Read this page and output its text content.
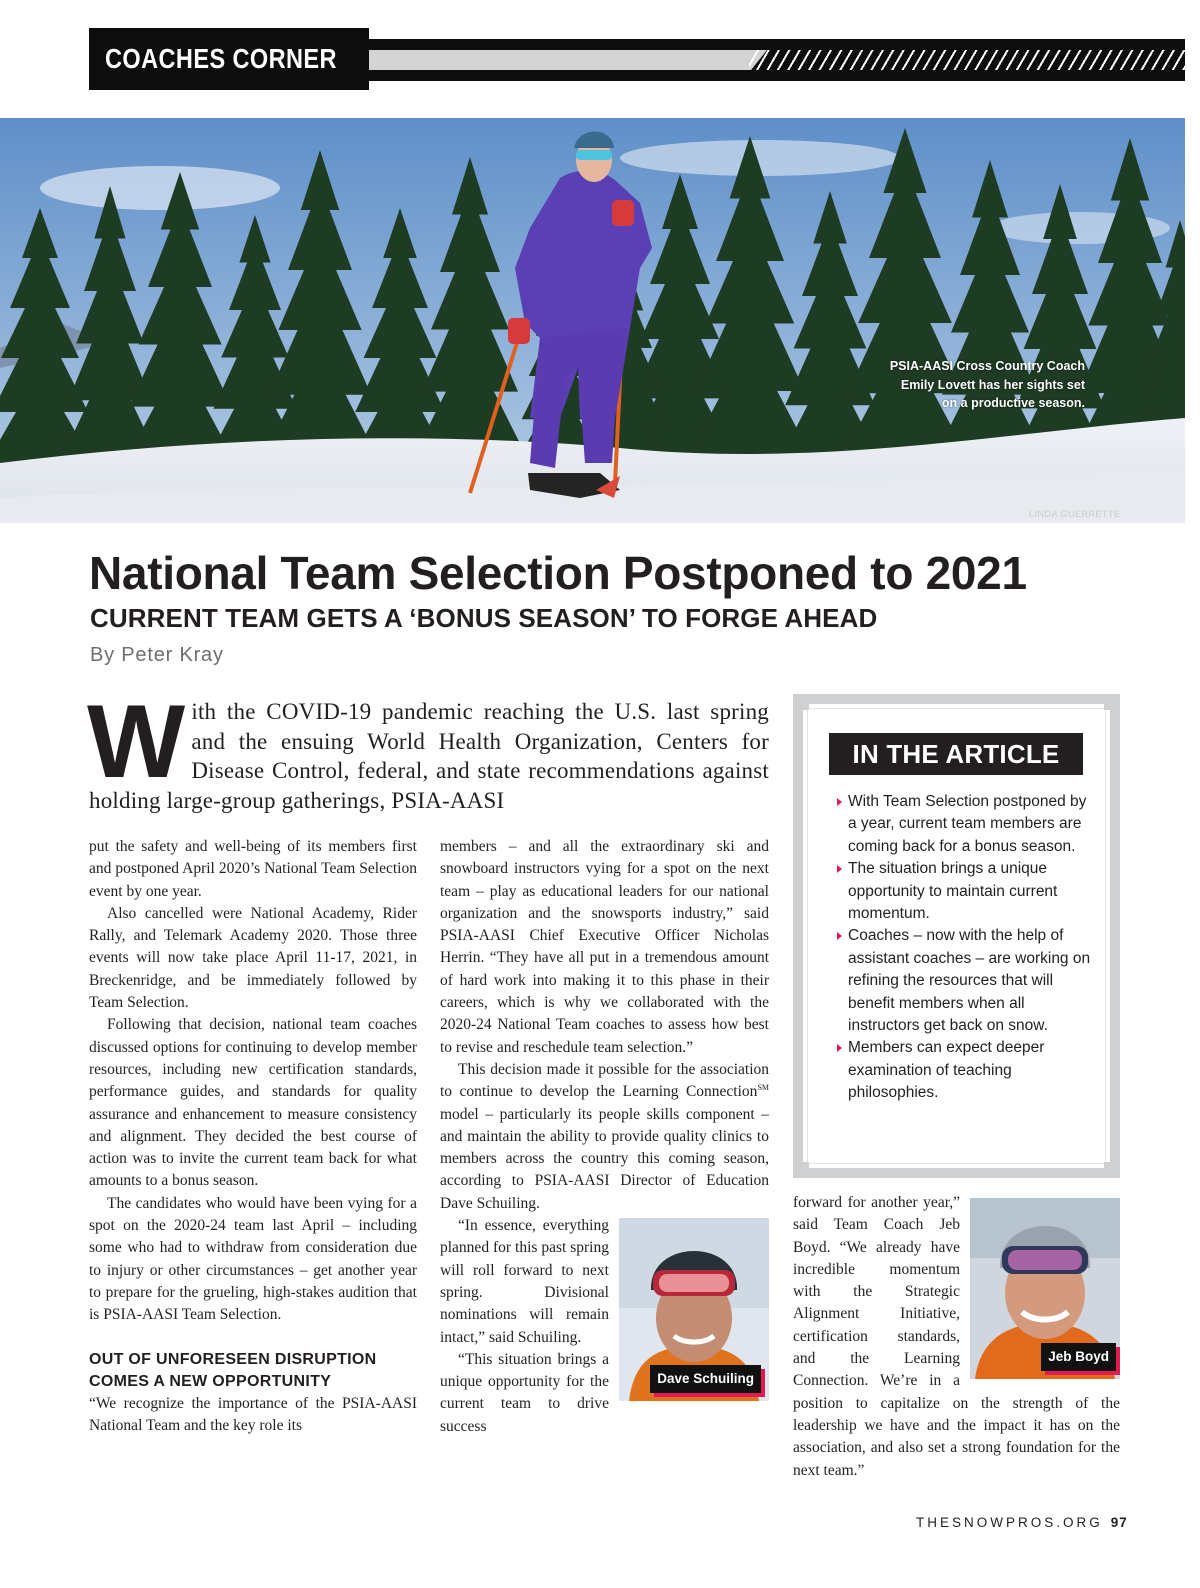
COACHES CORNER
PSIA-AASI Cross Country Coach Emily Lovett has her sights set on a productive season.
LINDA GUERRETTE
National Team Selection Postponed to 2021
CURRENT TEAM GETS A ‘BONUS SEASON’ TO FORGE AHEAD
By Peter Kray
With the COVID-19 pandemic reaching the U.S. last spring and the ensuing World Health Organization, Centers for Disease Control, federal, and state recommendations against holding large-group gatherings, PSIA-AASI

put the safety and well-being of its members first and postponed April 2020’s National Team Selection event by one year.

Also cancelled were National Academy, Rider Rally, and Telemark Academy 2020. Those three events will now take place April 11-17, 2021, in Breckenridge, and be immediately followed by Team Selection.

Following that decision, national team coaches discussed options for continuing to develop member resources, including new certification standards, performance guides, and standards for quality assurance and enhancement to measure consistency and alignment. They decided the best course of action was to invite the current team back for what amounts to a bonus season.

The candidates who would have been vying for a spot on the 2020-24 team last April – including some who had to withdraw from consideration due to injury or other circumstances – get another year to prepare for the grueling, high-stakes audition that is PSIA-AASI Team Selection.

OUT OF UNFORESEEN DISRUPTION COMES A NEW OPPORTUNITY

“We recognize the importance of the PSIA-AASI National Team and the key role its

members – and all the extraordinary ski and snowboard instructors vying for a spot on the next team – play as educational leaders for our national organization and the snowsports industry,” said PSIA-AASI Chief Executive Officer Nicholas Herrin. “They have all put in a tremendous amount of hard work into making it to this phase in their careers, which is why we collaborated with the 2020-24 National Team coaches to assess how best to revise and reschedule team selection.”

This decision made it possible for the association to continue to develop the Learning Connection℠ model – particularly its people skills component – and maintain the ability to provide quality clinics to members across the country this coming season, according to PSIA-AASI Director of Education Dave Schuiling.

Dave Schuiling

“In essence, everything planned for this past spring will roll forward to next spring. Divisional nominations will remain intact,” said Schuiling.

“This situation brings a unique opportunity for the current team to drive success

IN THE ARTICLE
With Team Selection postponed by a year, current team members are coming back for a bonus season.
The situation brings a unique opportunity to maintain current momentum.
Coaches – now with the help of assistant coaches – are working on refining the resources that will benefit members when all instructors get back on snow.
Members can expect deeper examination of teaching philosophies.
Jeb Boyd

forward for another year,” said Team Coach Jeb Boyd. “We already have incredible momentum with the Strategic Alignment Initiative, certification standards, and the Learning Connection. We’re in a position to capitalize on the strength of the leadership we have and the impact it has on the association, and also set a strong foundation for the next team.”

THESNOWPROS.ORG 97
